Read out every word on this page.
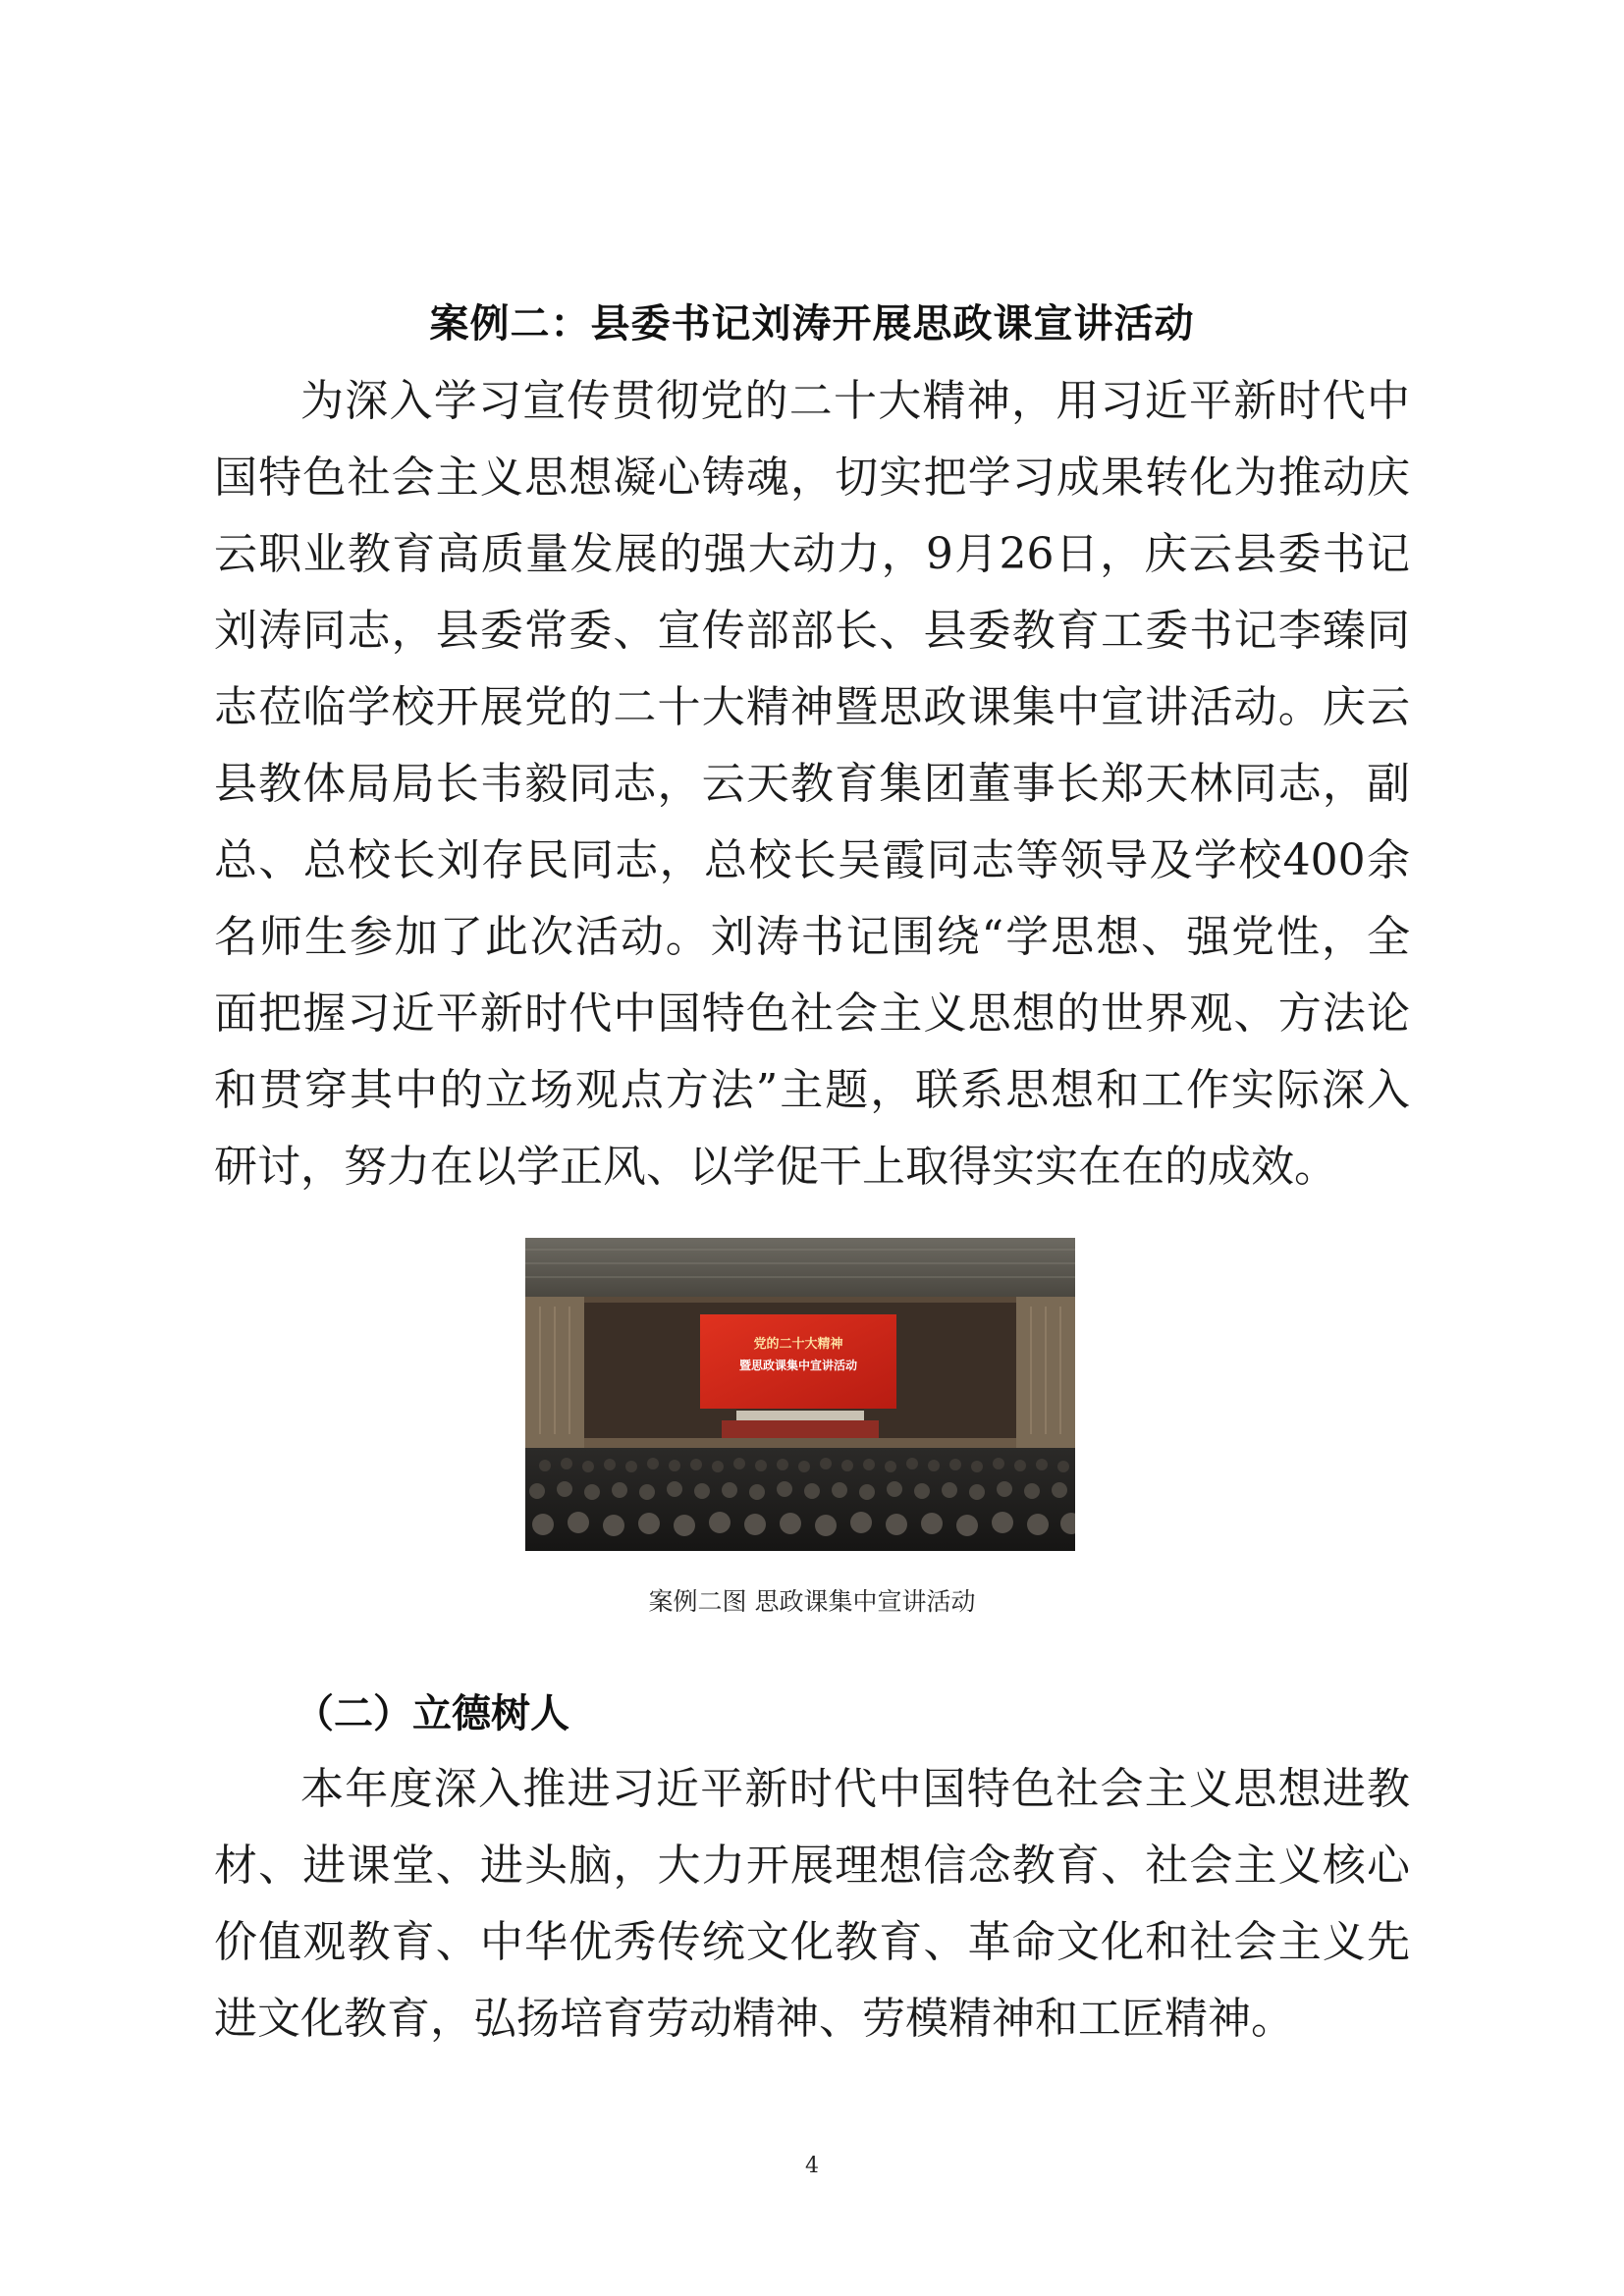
案例二：县委书记刘涛开展思政课宣讲活动
为深入学习宣传贯彻党的二十大精神，用习近平新时代中
国特色社会主义思想凝心铸魂，切实把学习成果转化为推动庆
云职业教育高质量发展的强大动力，9月26日，庆云县委书记
刘涛同志，县委常委、宣传部部长、县委教育工委书记李臻同
志莅临学校开展党的二十大精神暨思政课集中宣讲活动。庆云
县教体局局长韦毅同志，云天教育集团董事长郑天林同志，副
总、总校长刘存民同志，总校长吴霞同志等领导及学校400余
名师生参加了此次活动。刘涛书记围绕“学思想、强党性，全
面把握习近平新时代中国特色社会主义思想的世界观、方法论
和贯穿其中的立场观点方法”主题，联系思想和工作实际深入
研讨，努力在以学正风、以学促干上取得实实在在的成效。
党的二十大精神
暨思政课集中宣讲活动
案例二图 思政课集中宣讲活动
（二）立德树人
本年度深入推进习近平新时代中国特色社会主义思想进教
材、进课堂、进头脑，大力开展理想信念教育、社会主义核心
价值观教育、中华优秀传统文化教育、革命文化和社会主义先
进文化教育，弘扬培育劳动精神、劳模精神和工匠精神。
4
